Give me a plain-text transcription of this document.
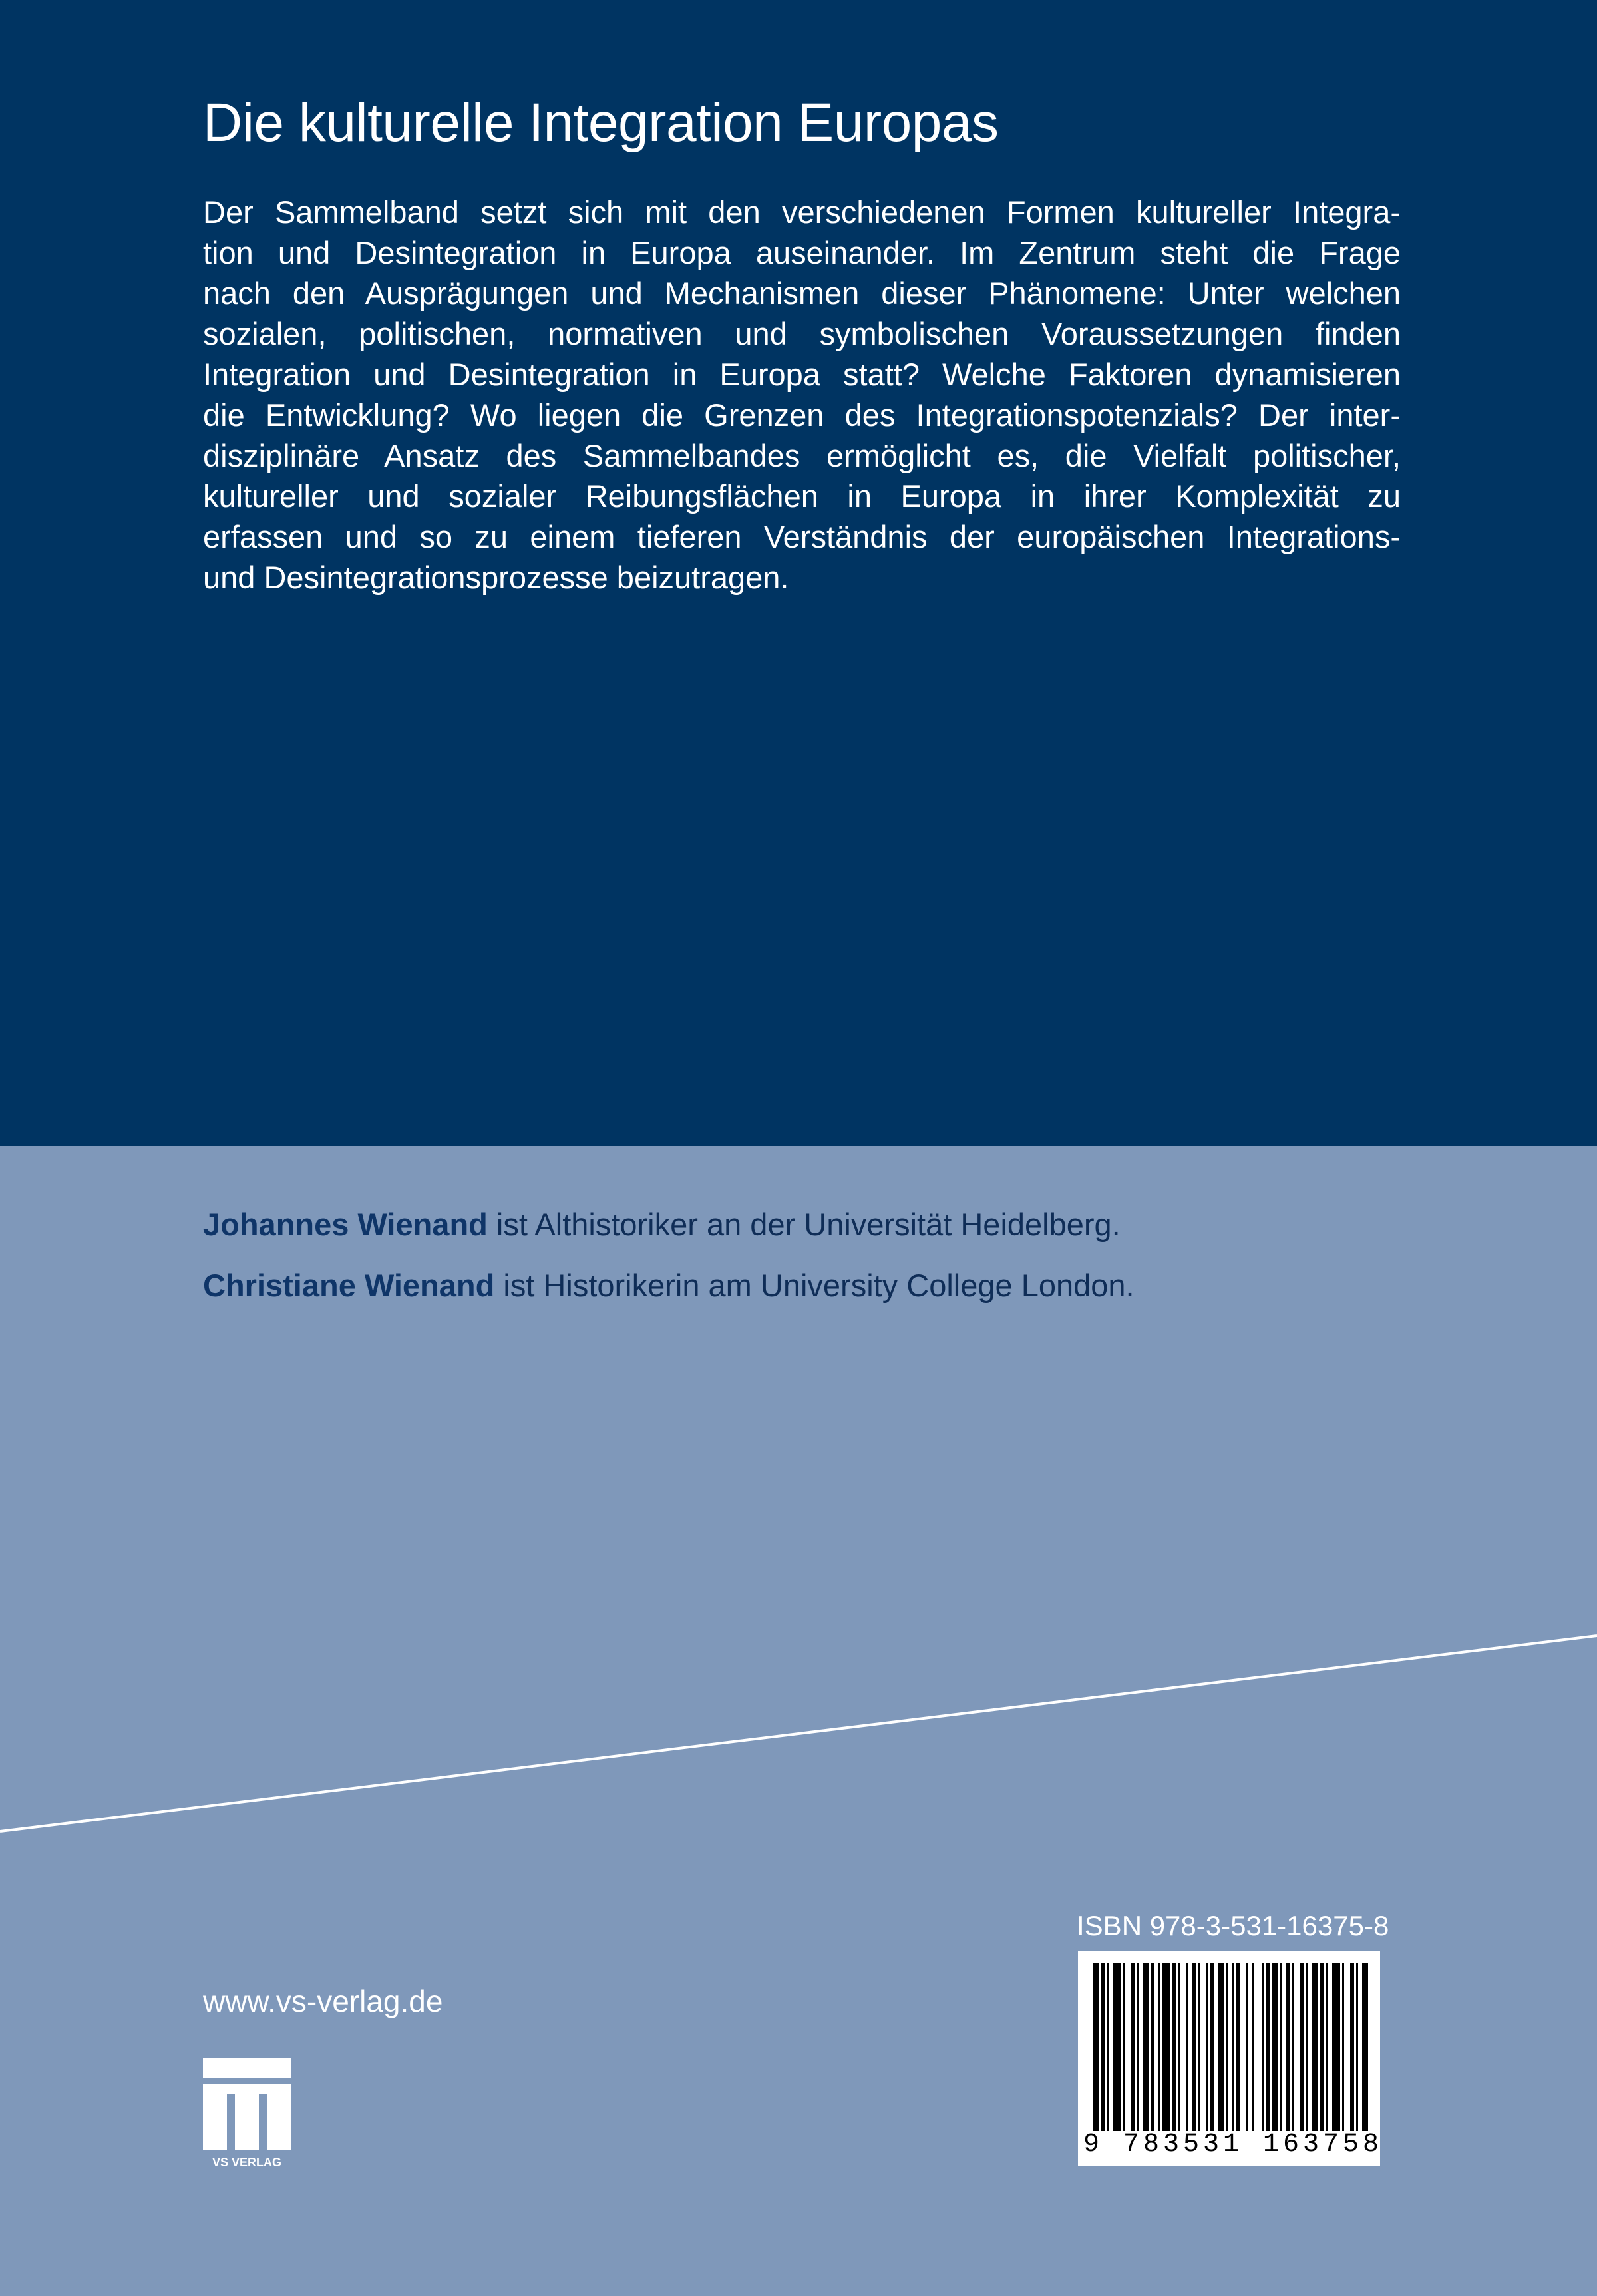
Die kulturelle Integration Europas
Der Sammelband setzt sich mit den verschiedenen Formen kultureller Integra-
tion und Desintegration in Europa auseinander. Im Zentrum steht die Frage
nach den Ausprägungen und Mechanismen dieser Phänomene: Unter welchen
sozialen, politischen, normativen und symbolischen Voraussetzungen finden
Integration und Desintegration in Europa statt? Welche Faktoren dynamisieren
die Entwicklung? Wo liegen die Grenzen des Integrationspotenzials? Der inter-
disziplinäre Ansatz des Sammelbandes ermöglicht es, die Vielfalt politischer,
kultureller und sozialer Reibungsflächen in Europa in ihrer Komplexität zu
erfassen und so zu einem tieferen Verständnis der europäischen Integrations-
und Desintegrationsprozesse beizutragen.
Johannes Wienand ist Althistoriker an der Universität Heidelberg.
Christiane Wienand ist Historikerin am University College London.
ISBN 978-3-531-16375-8
9 783531 163758
www.vs-verlag.de
VS VERLAG
